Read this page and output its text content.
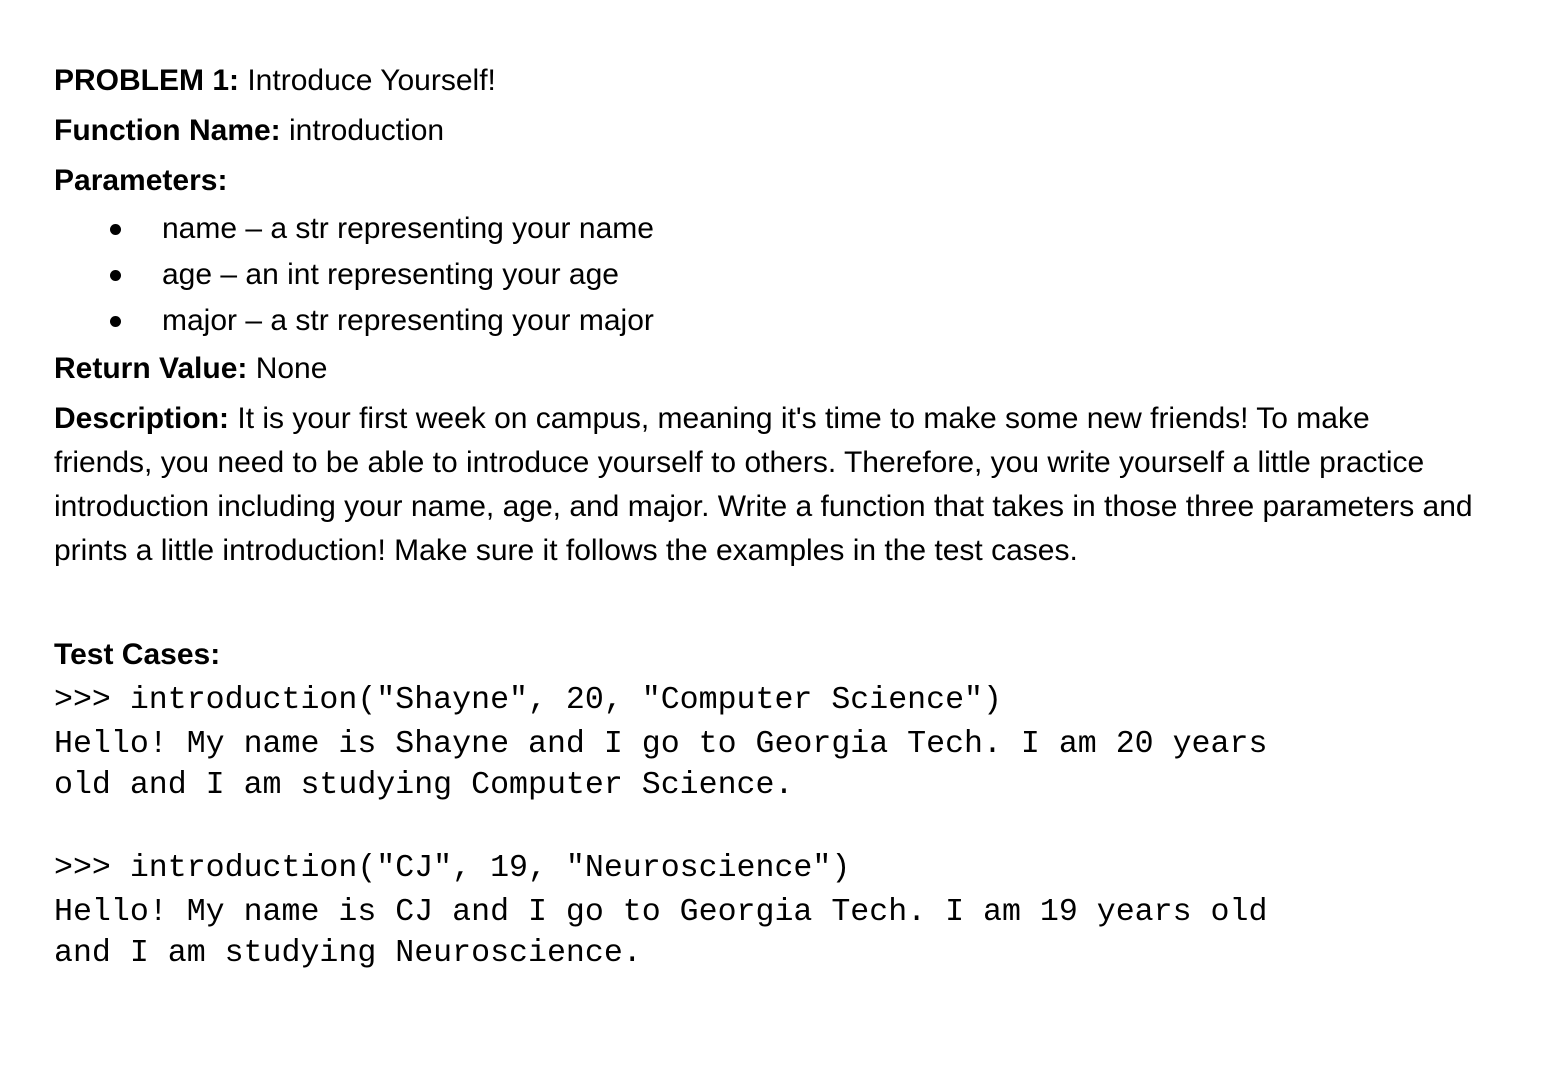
PROBLEM 1: Introduce Yourself!

Function Name: introduction

Parameters:

name – a str representing your name
age – an int representing your age
major – a str representing your major

Return Value: None

Description: It is your first week on campus, meaning it's time to make some new friends! To make friends, you need to be able to introduce yourself to others. Therefore, you write yourself a little practice introduction including your name, age, and major. Write a function that takes in those three parameters and prints a little introduction! Make sure it follows the examples in the test cases.

Test Cases:
>>> introduction("Shayne", 20, "Computer Science")
Hello! My name is Shayne and I go to Georgia Tech. I am 20 years
old and I am studying Computer Science.
>>> introduction("CJ", 19, "Neuroscience")
Hello! My name is CJ and I go to Georgia Tech. I am 19 years old
and I am studying Neuroscience.
